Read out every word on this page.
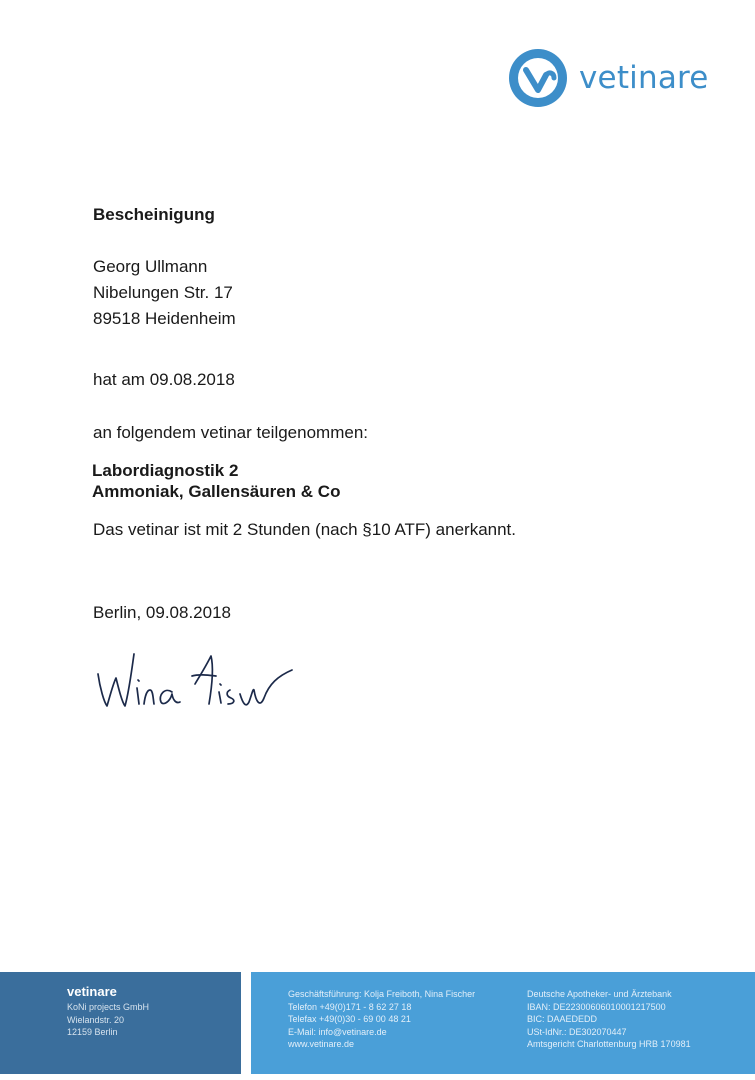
vetinare
Bescheinigung
Georg Ullmann
Nibelungen Str. 17
89518 Heidenheim
hat am 09.08.2018
an folgendem vetinar teilgenommen:
Labordiagnostik 2
Ammoniak, Gallensäuren & Co
Das vetinar ist mit 2 Stunden (nach §10 ATF) anerkannt.
Berlin, 09.08.2018
vetinare
KoNi projects GmbH
Wielandstr. 20
12159 Berlin
Geschäftsführung: Kolja Freiboth, Nina Fischer
Telefon +49(0)171 - 8 62 27 18
Telefax +49(0)30 - 69 00 48 21
E-Mail: info@vetinare.de
www.vetinare.de
Deutsche Apotheker- und Ärztebank
IBAN: DE22300606010001217500
BIC: DAAEDEDD
USt-IdNr.: DE302070447
Amtsgericht Charlottenburg HRB 170981
